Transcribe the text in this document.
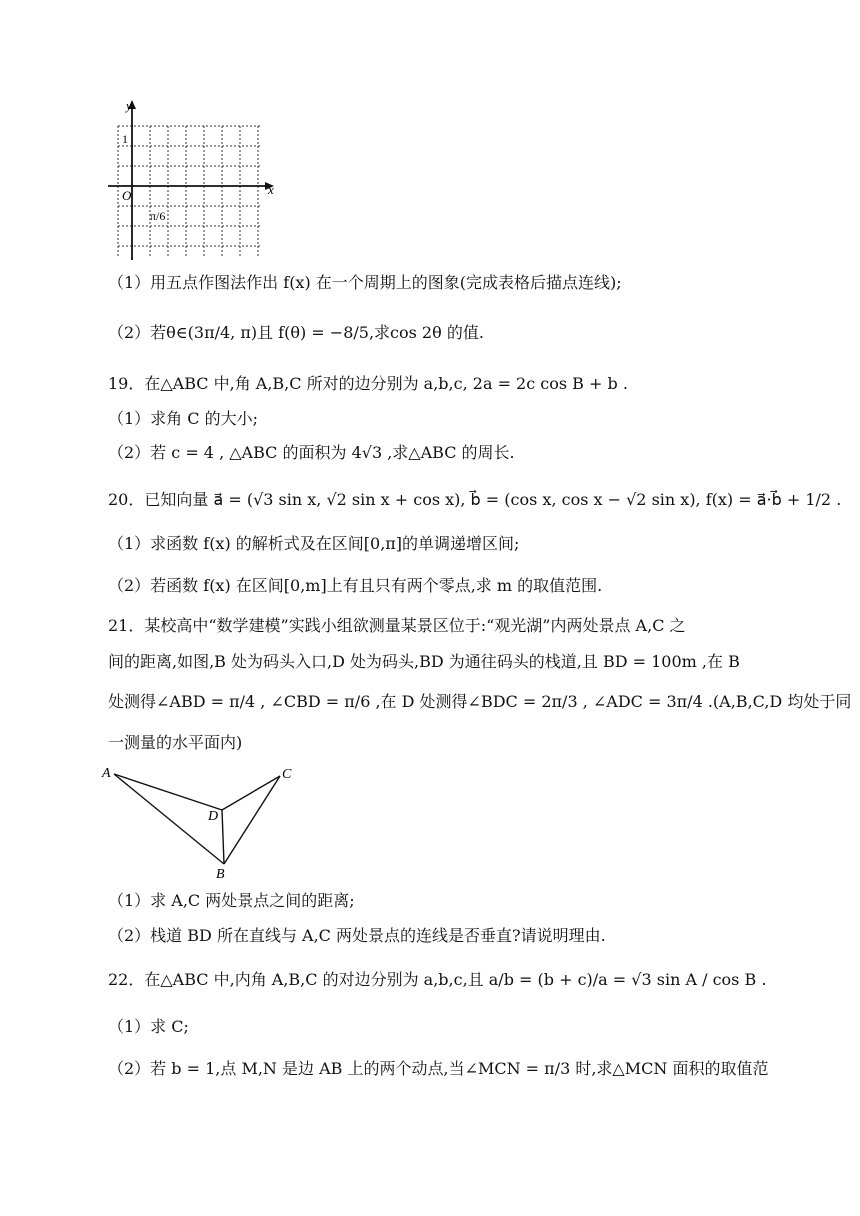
y
x
O
1
π/6
（1）用五点作图法作出 f(x) 在一个周期上的图象(完成表格后描点连线);
（2）若θ∈(3π/4, π)且 f(θ) = −8/5,求cos 2θ 的值.
19．在△ABC 中,角 A,B,C 所对的边分别为 a,b,c, 2a = 2c cos B + b .
（1）求角 C 的大小;
（2）若 c = 4 , △ABC 的面积为 4√3 ,求△ABC 的周长.
20．已知向量 a⃗ = (√3 sin x, √2 sin x + cos x), b⃗ = (cos x, cos x − √2 sin x), f(x) = a⃗·b⃗ + 1/2 .
（1）求函数 f(x) 的解析式及在区间[0,π]的单调递增区间;
（2）若函数 f(x) 在区间[0,m]上有且只有两个零点,求 m 的取值范围.
21．某校高中“数学建模”实践小组欲测量某景区位于:“观光湖”内两处景点 A,C 之
间的距离,如图,B 处为码头入口,D 处为码头,BD 为通往码头的栈道,且 BD = 100m ,在 B
处测得∠ABD = π/4 , ∠CBD = π/6 ,在 D 处测得∠BDC = 2π/3 , ∠ADC = 3π/4 .(A,B,C,D 均处于同
一测量的水平面内)
A	C
D
B
（1）求 A,C 两处景点之间的距离;
（2）栈道 BD 所在直线与 A,C 两处景点的连线是否垂直?请说明理由.
22．在△ABC 中,内角 A,B,C 的对边分别为 a,b,c,且 a/b = (b + c)/a = √3 sin A / cos B .
（1）求 C;
（2）若 b = 1,点 M,N 是边 AB 上的两个动点,当∠MCN = π/3 时,求△MCN 面积的取值范
